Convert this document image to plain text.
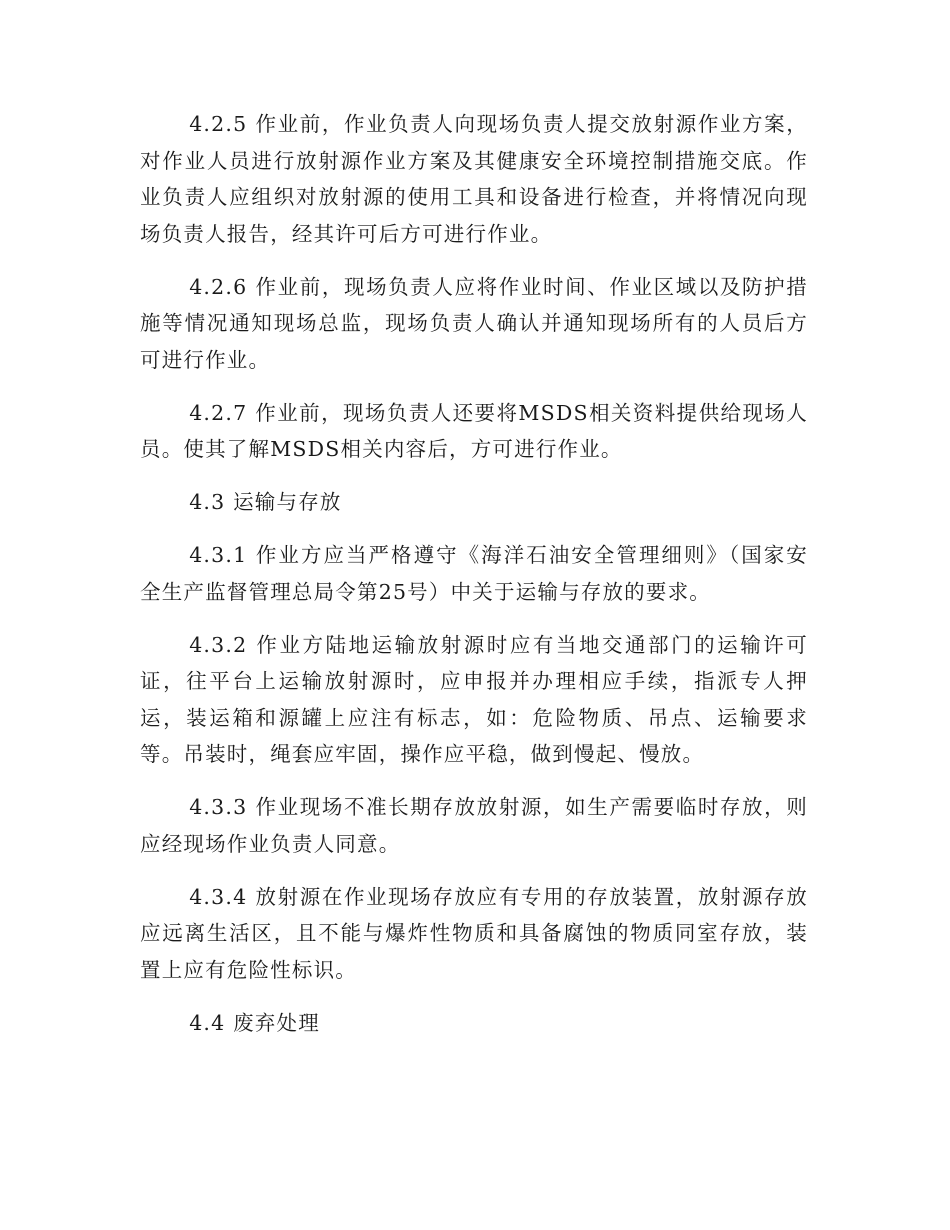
4.2.5 作业前，作业负责人向现场负责人提交放射源作业方案，对作业人员进行放射源作业方案及其健康安全环境控制措施交底。作业负责人应组织对放射源的使用工具和设备进行检查，并将情况向现场负责人报告，经其许可后方可进行作业。

4.2.6 作业前，现场负责人应将作业时间、作业区域以及防护措施等情况通知现场总监，现场负责人确认并通知现场所有的人员后方可进行作业。

4.2.7 作业前，现场负责人还要将MSDS相关资料提供给现场人员。使其了解MSDS相关内容后，方可进行作业。

4.3 运输与存放

4.3.1 作业方应当严格遵守《海洋石油安全管理细则》（国家安全生产监督管理总局令第25号）中关于运输与存放的要求。

4.3.2 作业方陆地运输放射源时应有当地交通部门的运输许可证，往平台上运输放射源时，应申报并办理相应手续，指派专人押运，装运箱和源罐上应注有标志，如：危险物质、吊点、运输要求等。吊装时，绳套应牢固，操作应平稳，做到慢起、慢放。

4.3.3 作业现场不准长期存放放射源，如生产需要临时存放，则应经现场作业负责人同意。

4.3.4 放射源在作业现场存放应有专用的存放装置，放射源存放应远离生活区，且不能与爆炸性物质和具备腐蚀的物质同室存放，装置上应有危险性标识。

4.4 废弃处理
